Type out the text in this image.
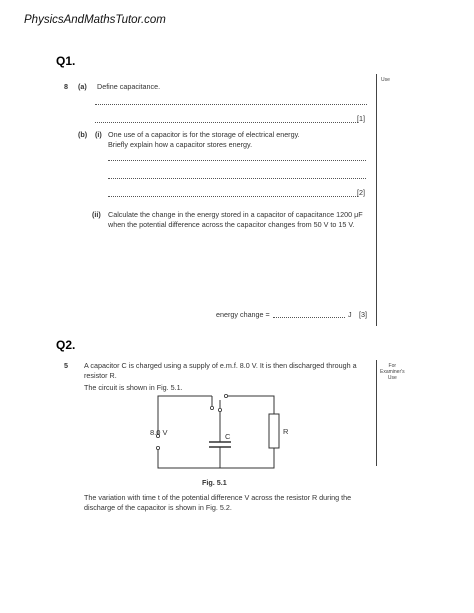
PhysicsAndMathsTutor.com
Q1.
Use
8 (a) Define capacitance.
[1]
(b) (i) One use of a capacitor is for the storage of electrical energy.
Briefly explain how a capacitor stores energy.
[2]
(ii) Calculate the change in the energy stored in a capacitor of capacitance 1200 μF
when the potential difference across the capacitor changes from 50 V to 15 V.
energy change =	J [3]
Q2.
For
Examiner's
Use
5 A capacitor C is charged using a supply of e.m.f. 8.0 V. It is then discharged through a
resistor R.
The circuit is shown in Fig. 5.1.
8.0 V	C
R
Fig. 5.1
The variation with time t of the potential difference V across the resistor R during the
discharge of the capacitor is shown in Fig. 5.2.
